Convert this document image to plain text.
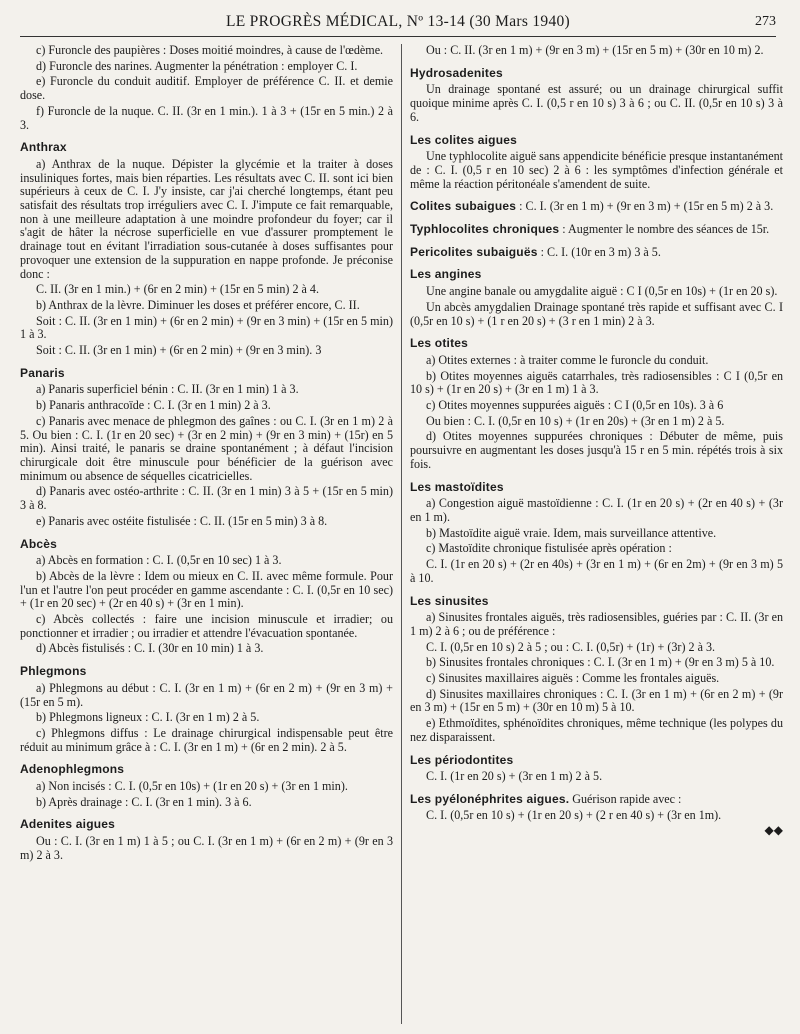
LE PROGRÈS MÉDICAL, Nº 13-14 (30 Mars 1940)	273

c) Furoncle des paupières : Doses moitié moindres, à cause de l'œdème.

d) Furoncle des narines. Augmenter la pénétration : employer C. I.

e) Furoncle du conduit auditif. Employer de préférence C. II. et demie dose.

f) Furoncle de la nuque. C. II. (3r en 1 min.). 1 à 3 + (15r en 5 min.) 2 à 3.

Anthrax

a) Anthrax de la nuque. Dépister la glycémie et la traiter à doses insuliniques fortes, mais bien réparties. Les résultats avec C. II. sont ici bien supérieurs à ceux de C. I. J'y insiste, car j'ai cherché longtemps, étant peu satisfait des résultats trop irréguliers avec C. I. J'impute ce fait remarquable, non à une meilleure adaptation à une moindre profondeur du foyer; car il s'agit de hâter la nécrose superficielle en vue d'assurer promptement le drainage tout en évitant l'irradiation sous-cutanée à doses suffisantes pour provoquer une extension de la suppuration en nappe profonde. Je préconise donc :

C. II. (3r en 1 min.) + (6r en 2 min) + (15r en 5 min) 2 à 4.

b) Anthrax de la lèvre. Diminuer les doses et préférer encore, C. II.

Soit : C. II. (3r en 1 min) + (6r en 2 min) + (9r en 3 min) + (15r en 5 min) 1 à 3.

Soit : C. II. (3r en 1 min) + (6r en 2 min) + (9r en 3 min). 3

Panaris

a) Panaris superficiel bénin : C. II. (3r en 1 min) 1 à 3.

b) Panaris anthracoïde : C. I. (3r en 1 min) 2 à 3.

c) Panaris avec menace de phlegmon des gaînes : ou C. I. (3r en 1 m) 2 à 5. Ou bien : C. I. (1r en 20 sec) + (3r en 2 min) + (9r en 3 min) + (15r) en 5 min). Ainsi traité, le panaris se draine spontanément ; à défaut l'incision chirurgicale doit être minuscule pour bénéficier de la guérison avec minimum ou absence de séquelles cicatricielles.

d) Panaris avec ostéo-arthrite : C. II. (3r en 1 min) 3 à 5 + (15r en 5 min) 3 à 8.

e) Panaris avec ostéite fistulisée : C. II. (15r en 5 min) 3 à 8.

Abcès

a) Abcès en formation : C. I. (0,5r en 10 sec) 1 à 3.

b) Abcès de la lèvre : Idem ou mieux en C. II. avec même formule. Pour l'un et l'autre l'on peut procéder en gamme ascendante : C. I. (0,5r en 10 sec) + (1r en 20 sec) + (2r en 40 s) + (3r en 1 min).

c) Abcès collectés : faire une incision minuscule et irradier; ou ponctionner et irradier ; ou irradier et attendre l'évacuation spontanée.

d) Abcès fistulisés : C. I. (30r en 10 min) 1 à 3.

Phlegmons

a) Phlegmons au début : C. I. (3r en 1 m) + (6r en 2 m) + (9r en 3 m) + (15r en 5 m).

b) Phlegmons ligneux : C. I. (3r en 1 m) 2 à 5.

c) Phlegmons diffus : Le drainage chirurgical indispensable peut être réduit au minimum grâce à : C. I. (3r en 1 m) + (6r en 2 min). 2 à 5.

Adenophlegmons

a) Non incisés : C. I. (0,5r en 10s) + (1r en 20 s) + (3r en 1 min).

b) Après drainage : C. I. (3r en 1 min). 3 à 6.

Adenites aigues

Ou : C. I. (3r en 1 m) 1 à 5 ; ou C. I. (3r en 1 m) + (6r en 2 m) + (9r en 3 m) 2 à 3.

Ou : C. II. (3r en 1 m) + (9r en 3 m) + (15r en 5 m) + (30r en 10 m) 2.

Hydrosadenites

Un drainage spontané est assuré; ou un drainage chirurgical suffit quoique minime après C. I. (0,5 r en 10 s) 3 à 6 ; ou C. II. (0,5r en 10 s) 3 à 6.

Les colites aigues

Une typhlocolite aiguë sans appendicite bénéficie presque instantanément de : C. I. (0,5 r en 10 sec) 2 à 6 : les symptômes d'infection générale et même la réaction péritonéale s'amendent de suite.

Colites subaigues : C. I. (3r en 1 m) + (9r en 3 m) + (15r en 5 m) 2 à 3.

Typhlocolites chroniques : Augmenter le nombre des séances de 15r.

Pericolites subaiguës : C. I. (10r en 3 m) 3 à 5.

Les angines

Une angine banale ou amygdalite aiguë : C I (0,5r en 10s) + (1r en 20 s).

Un abcès amygdalien Drainage spontané très rapide et suffisant avec C. I (0,5r en 10 s) + (1 r en 20 s) + (3 r en 1 min) 2 à 3.

Les otites

a) Otites externes : à traiter comme le furoncle du conduit.

b) Otites moyennes aiguës catarrhales, très radiosensibles : C I (0,5r en 10 s) + (1r en 20 s) + (3r en 1 m) 1 à 3.

c) Otites moyennes suppurées aiguës : C I (0,5r en 10s). 3 à 6

Ou bien : C. I. (0,5r en 10 s) + (1r en 20s) + (3r en 1 m) 2 à 5.

d) Otites moyennes suppurées chroniques : Débuter de même, puis poursuivre en augmentant les doses jusqu'à 15 r en 5 min. répétés trois à six fois.

Les mastoïdites

a) Congestion aiguë mastoïdienne : C. I. (1r en 20 s) + (2r en 40 s) + (3r en 1 m).

b) Mastoïdite aiguë vraie. Idem, mais surveillance attentive.

c) Mastoïdite chronique fistulisée après opération :

C. I. (1r en 20 s) + (2r en 40s) + (3r en 1 m) + (6r en 2m) + (9r en 3 m) 5 à 10.

Les sinusites

a) Sinusites frontales aiguës, très radiosensibles, guéries par : C. II. (3r en 1 m) 2 à 6 ; ou de préférence :

C. I. (0,5r en 10 s) 2 à 5 ; ou : C. I. (0,5r) + (1r) + (3r) 2 à 3.

b) Sinusites frontales chroniques : C. I. (3r en 1 m) + (9r en 3 m) 5 à 10.

c) Sinusites maxillaires aiguës : Comme les frontales aiguës.

d) Sinusites maxillaires chroniques : C. I. (3r en 1 m) + (6r en 2 m) + (9r en 3 m) + (15r en 5 m) + (30r en 10 m) 5 à 10.

e) Ethmoïdites, sphénoïdites chroniques, même technique (les polypes du nez disparaissent.

Les périodontites

C. I. (1r en 20 s) + (3r en 1 m) 2 à 5.

Les pyélonéphrites aigues. Guérison rapide avec :

C. I. (0,5r en 10 s) + (1r en 20 s) + (2 r en 40 s) + (3r en 1m).

◆◆
